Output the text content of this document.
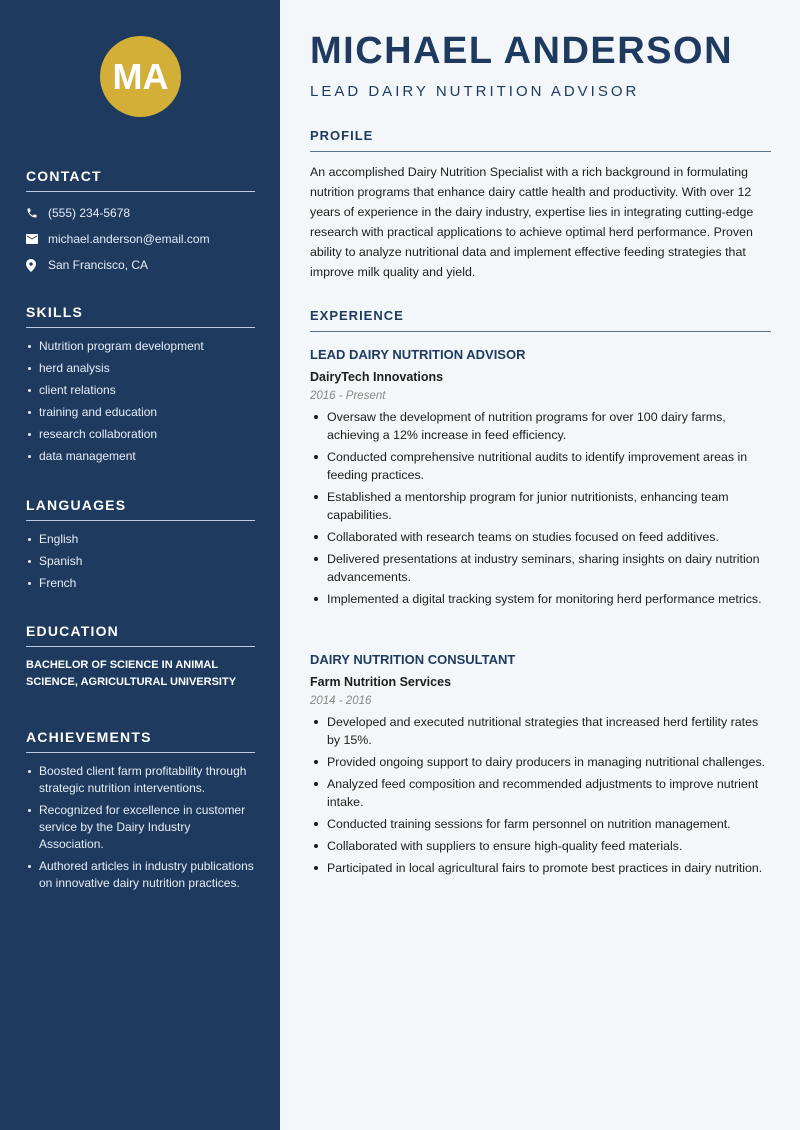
MA
CONTACT
(555) 234-5678
michael.anderson@email.com
San Francisco, CA
SKILLS
Nutrition program development
herd analysis
client relations
training and education
research collaboration
data management
LANGUAGES
English
Spanish
French
EDUCATION

BACHELOR OF SCIENCE IN ANIMAL SCIENCE, AGRICULTURAL UNIVERSITY

ACHIEVEMENTS
Boosted client farm profitability through strategic nutrition interventions.
Recognized for excellence in customer service by the Dairy Industry Association.
Authored articles in industry publications on innovative dairy nutrition practices.
MICHAEL ANDERSON
LEAD DAIRY NUTRITION ADVISOR
PROFILE

An accomplished Dairy Nutrition Specialist with a rich background in formulating nutrition programs that enhance dairy cattle health and productivity. With over 12 years of experience in the dairy industry, expertise lies in integrating cutting-edge research with practical applications to achieve optimal herd performance. Proven ability to analyze nutritional data and implement effective feeding strategies that improve milk quality and yield.

EXPERIENCE
LEAD DAIRY NUTRITION ADVISOR
DairyTech Innovations
2016 - Present
Oversaw the development of nutrition programs for over 100 dairy farms, achieving a 12% increase in feed efficiency.
Conducted comprehensive nutritional audits to identify improvement areas in feeding practices.
Established a mentorship program for junior nutritionists, enhancing team capabilities.
Collaborated with research teams on studies focused on feed additives.
Delivered presentations at industry seminars, sharing insights on dairy nutrition advancements.
Implemented a digital tracking system for monitoring herd performance metrics.
DAIRY NUTRITION CONSULTANT
Farm Nutrition Services
2014 - 2016
Developed and executed nutritional strategies that increased herd fertility rates by 15%.
Provided ongoing support to dairy producers in managing nutritional challenges.
Analyzed feed composition and recommended adjustments to improve nutrient intake.
Conducted training sessions for farm personnel on nutrition management.
Collaborated with suppliers to ensure high-quality feed materials.
Participated in local agricultural fairs to promote best practices in dairy nutrition.
